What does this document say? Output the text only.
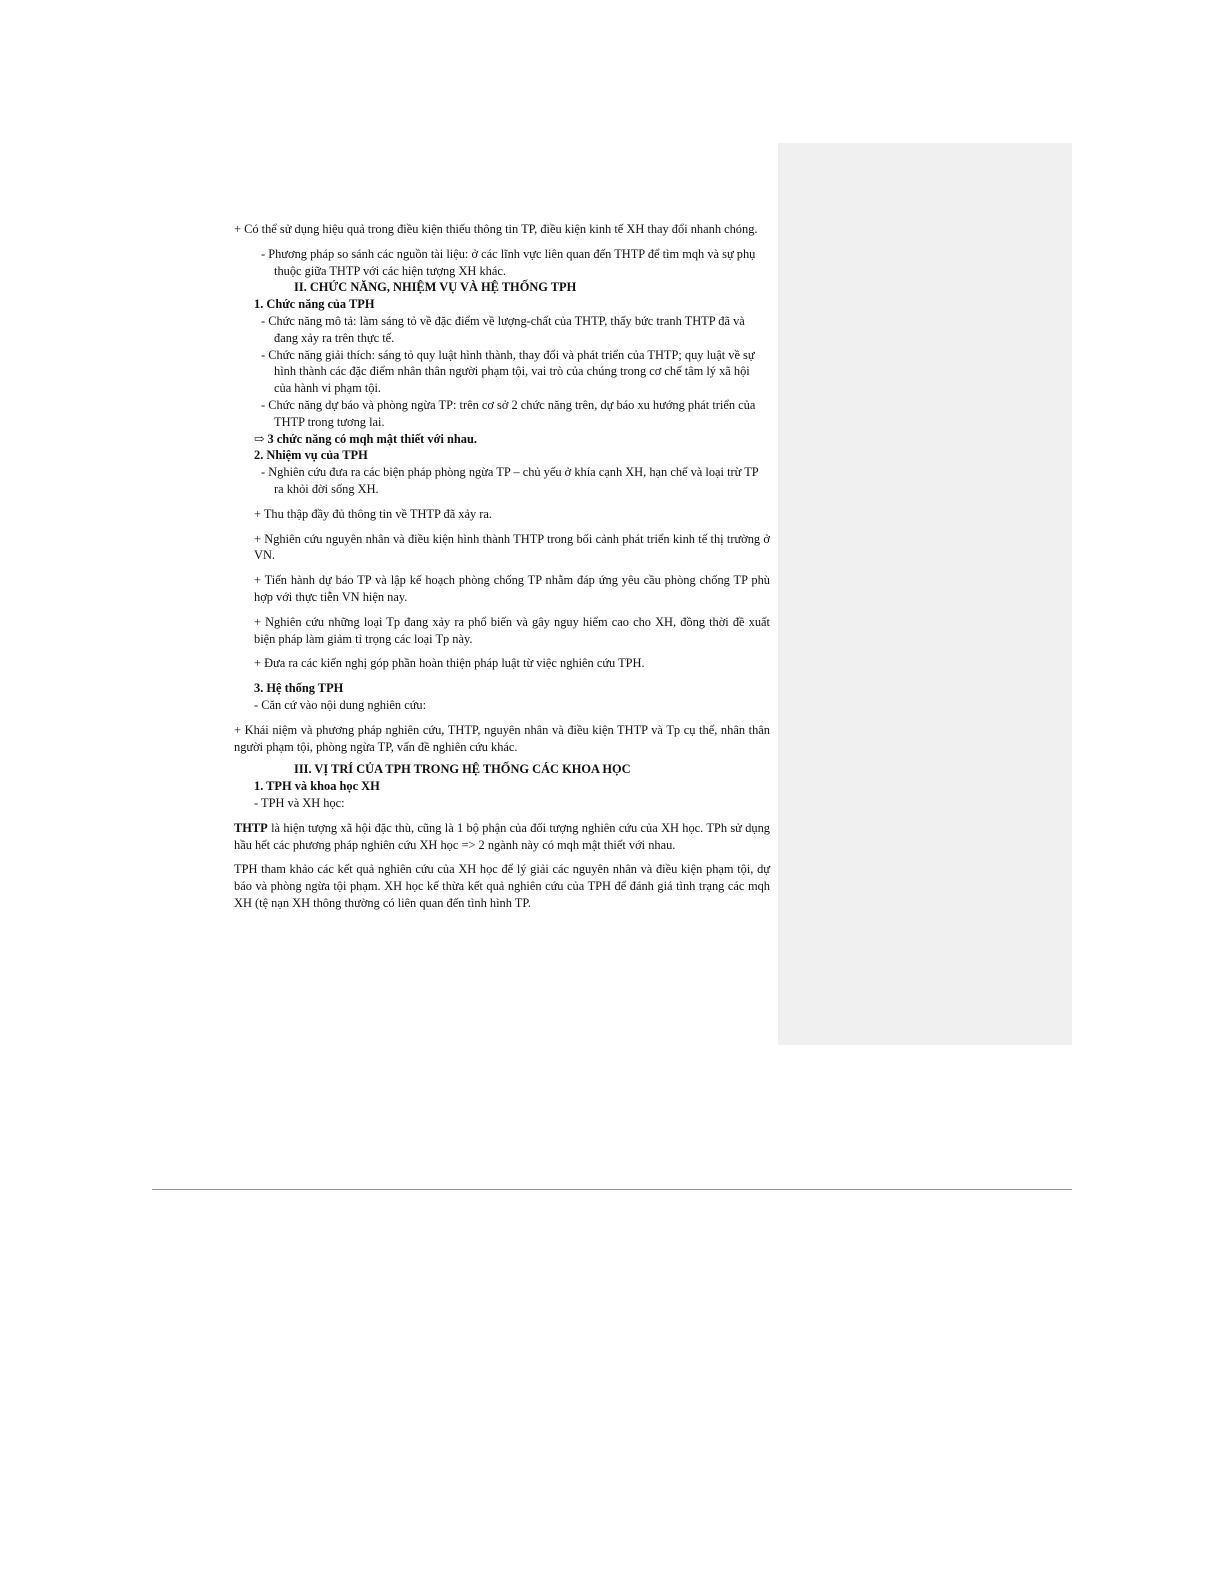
+ Có thể sử dụng hiệu quả trong điều kiện thiếu thông tin TP, điều kiện kinh tế XH thay đổi nhanh chóng.

- Phương pháp so sánh các nguồn tài liệu: ở các lĩnh vực liên quan đến THTP để tìm mqh và sự phụ thuộc giữa THTP với các hiện tượng XH khác.

II. CHỨC NĂNG, NHIỆM VỤ VÀ HỆ THỐNG TPH

1. Chức năng của TPH

- Chức năng mô tả: làm sáng tỏ về đặc điểm về lượng-chất của THTP, thấy bức tranh THTP đã và đang xảy ra trên thực tế.

- Chức năng giải thích: sáng tỏ quy luật hình thành, thay đổi và phát triển của THTP; quy luật về sự hình thành các đặc điểm nhân thân người phạm tội, vai trò của chúng trong cơ chế tâm lý xã hội của hành vi phạm tội.

- Chức năng dự báo và phòng ngừa TP: trên cơ sở 2 chức năng trên, dự báo xu hướng phát triển của THTP trong tương lai.

⇨ 3 chức năng có mqh mật thiết với nhau.

2. Nhiệm vụ của TPH

- Nghiên cứu đưa ra các biện pháp phòng ngừa TP – chủ yếu ở khía cạnh XH, hạn chế và loại trừ TP ra khỏi đời sống XH.

+ Thu thập đầy đủ thông tin về THTP đã xảy ra.

+ Nghiên cứu nguyên nhân và điều kiện hình thành THTP trong bối cảnh phát triển kinh tế thị trường ở VN.

+ Tiến hành dự báo TP và lập kế hoạch phòng chống TP nhằm đáp ứng yêu cầu phòng chống TP phù hợp với thực tiễn VN hiện nay.

+ Nghiên cứu những loại Tp đang xảy ra phổ biến và gây nguy hiểm cao cho XH, đồng thời đề xuất biện pháp làm giảm tỉ trọng các loại Tp này.

+ Đưa ra các kiến nghị góp phần hoàn thiện pháp luật từ việc nghiên cứu TPH.

3. Hệ thống TPH

- Căn cứ vào nội dung nghiên cứu:

+ Khái niệm và phương pháp nghiên cứu, THTP, nguyên nhân và điều kiện THTP và Tp cụ thể, nhân thân người phạm tội, phòng ngừa TP, vấn đề nghiên cứu khác.

III. VỊ TRÍ CỦA TPH TRONG HỆ THỐNG CÁC KHOA HỌC

1. TPH và khoa học XH

- TPH và XH học:

THTP là hiện tượng xã hội đặc thù, cũng là 1 bộ phận của đối tượng nghiên cứu của XH học. TPh sử dụng hầu hết các phương pháp nghiên cứu XH học => 2 ngành này có mqh mật thiết với nhau.

TPH tham khảo các kết quả nghiên cứu của XH học để lý giải các nguyên nhân và điều kiện phạm tội, dự báo và phòng ngừa tội phạm. XH học kế thừa kết quả nghiên cứu của TPH để đánh giá tình trạng các mqh XH (tệ nạn XH thông thường có liên quan đến tình hình TP.
